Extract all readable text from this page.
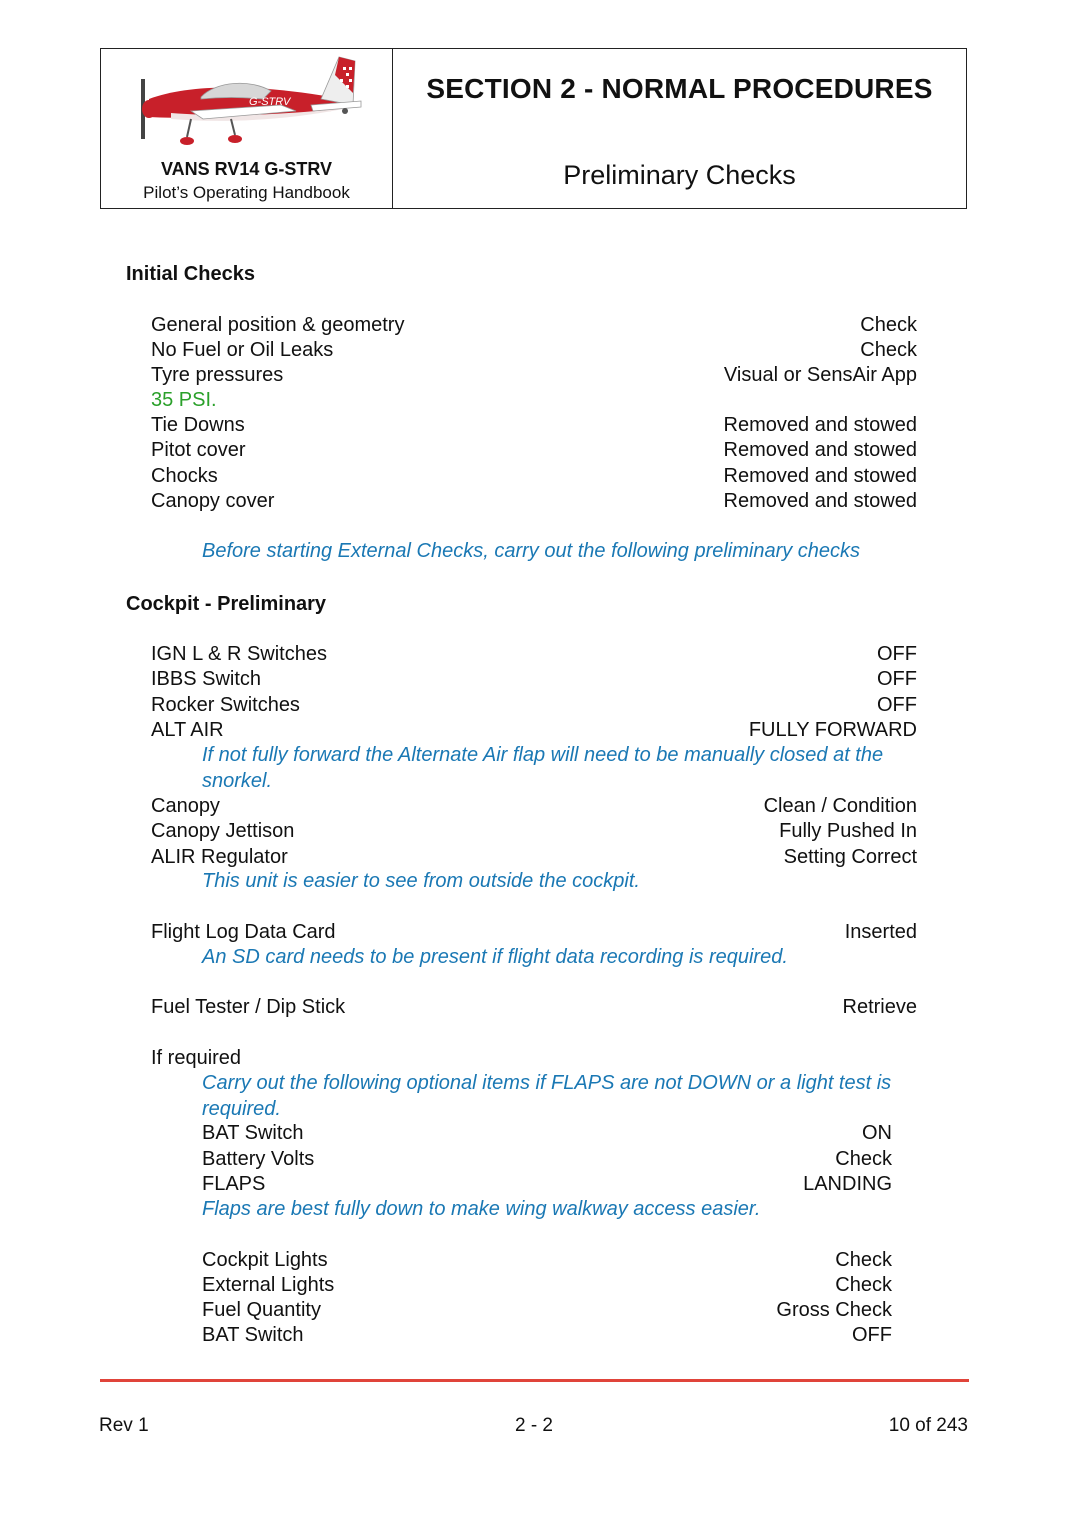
G-STRV
VANS RV14 G-STRV
Pilot’s Operating Handbook
SECTION 2 - NORMAL PROCEDURES
Preliminary Checks
Initial Checks
General position & geometry	Check
No Fuel or Oil Leaks	Check
Tyre pressures	Visual or SensAir App
35 PSI.
Tie Downs	Removed and stowed
Pitot cover	Removed and stowed
Chocks	Removed and stowed
Canopy cover	Removed and stowed
Before starting External Checks, carry out the following preliminary checks
Cockpit - Preliminary
IGN L & R Switches	OFF
IBBS Switch	OFF
Rocker Switches	OFF
ALT AIR	FULLY FORWARD
If not fully forward the Alternate Air flap will need to be manually closed at the snorkel.
Canopy	Clean / Condition
Canopy Jettison	Fully Pushed In
ALIR Regulator	Setting Correct
This unit is easier to see from outside the cockpit.
Flight Log Data Card	Inserted
An SD card needs to be present if flight data recording is required.
Fuel Tester / Dip Stick	Retrieve
If required
Carry out the following optional items if FLAPS are not DOWN or a light test is required.
BAT Switch	ON
Battery Volts	Check
FLAPS	LANDING
Flaps are best fully down to make wing walkway access easier.
Cockpit Lights	Check
External Lights	Check
Fuel Quantity	Gross Check
BAT Switch	OFF
Rev 1	2 - 2	10 of 243
